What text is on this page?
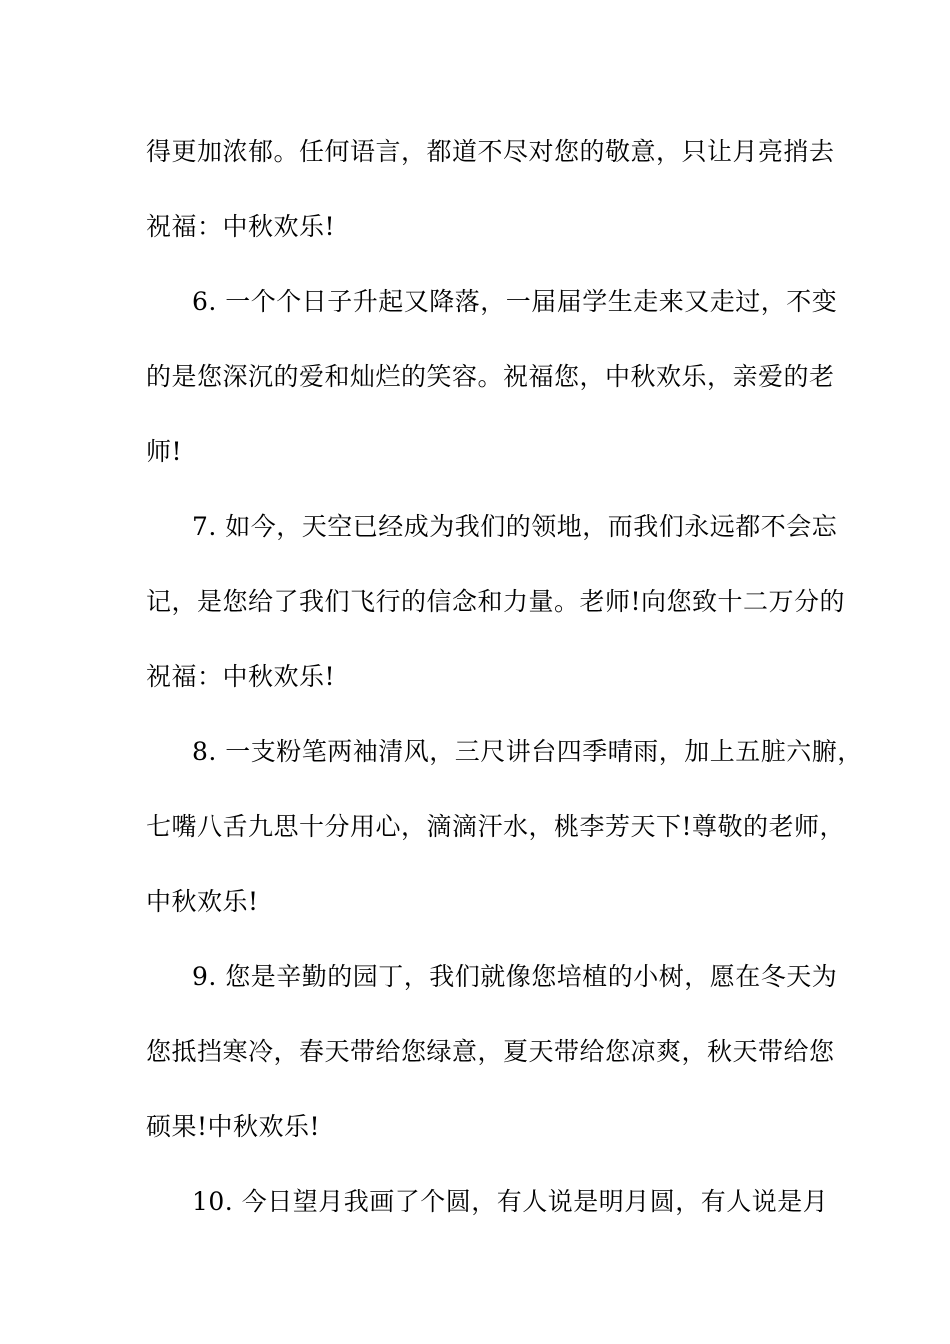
得更加浓郁。任何语言，都道不尽对您的敬意，只让月亮捎去
祝福：中秋欢乐!
6. 一个个日子升起又降落，一届届学生走来又走过，不变
的是您深沉的爱和灿烂的笑容。祝福您，中秋欢乐，亲爱的老
师!
7. 如今，天空已经成为我们的领地，而我们永远都不会忘
记，是您给了我们飞行的信念和力量。老师!向您致十二万分的
祝福：中秋欢乐!
8. 一支粉笔两袖清风，三尺讲台四季晴雨，加上五脏六腑，
七嘴八舌九思十分用心，滴滴汗水，桃李芳天下!尊敬的老师，
中秋欢乐!
9. 您是辛勤的园丁，我们就像您培植的小树，愿在冬天为
您抵挡寒冷，春天带给您绿意，夏天带给您凉爽，秋天带给您
硕果!中秋欢乐!
10. 今日望月我画了个圆，有人说是明月圆，有人说是月
